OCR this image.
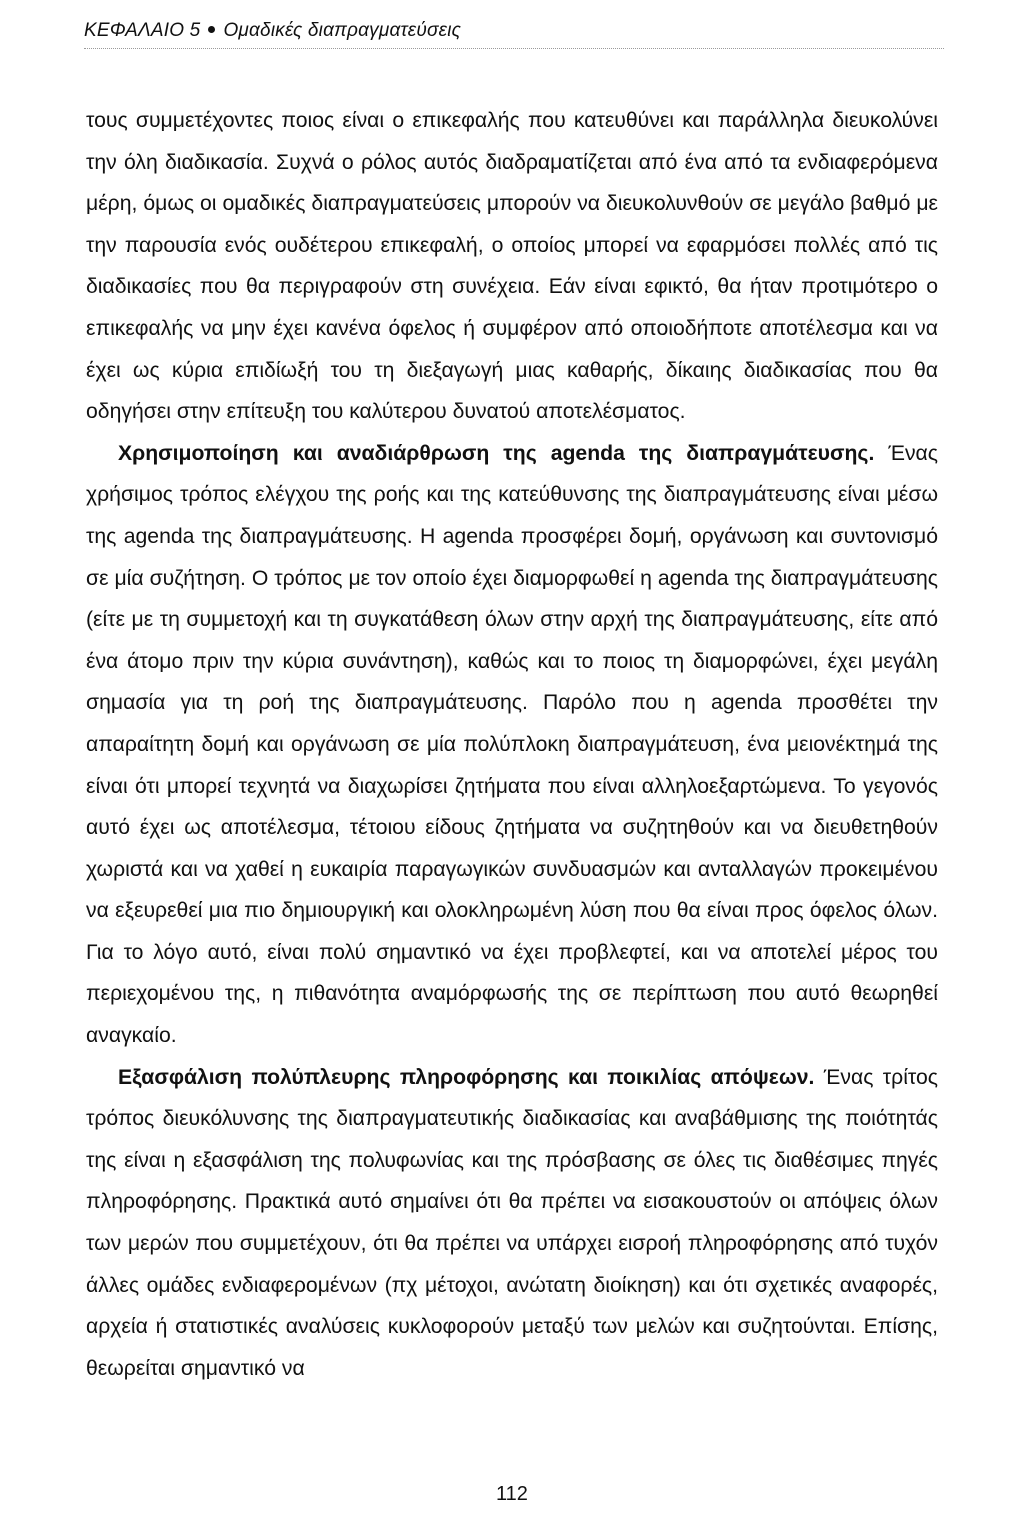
ΚΕΦΑΛΑΙΟ 5 Ομαδικές διαπραγματεύσεις

τους συμμετέχοντες ποιος είναι ο επικεφαλής που κατευθύνει και παράλληλα διευκολύνει την όλη διαδικασία. Συχνά ο ρόλος αυτός διαδραματίζεται από ένα από τα ενδιαφερόμενα μέρη, όμως οι ομαδικές διαπραγματεύσεις μπορούν να διευκολυνθούν σε μεγάλο βαθμό με την παρουσία ενός ουδέτερου επικεφαλή, ο οποίος μπορεί να εφαρμόσει πολλές από τις διαδικασίες που θα περιγραφούν στη συνέχεια. Εάν είναι εφικτό, θα ήταν προτιμότερο ο επικεφαλής να μην έχει κανένα όφελος ή συμφέρον από οποιοδήποτε αποτέλεσμα και να έχει ως κύρια επιδίωξή του τη διεξαγωγή μιας καθαρής, δίκαιης διαδικασίας που θα οδηγήσει στην επίτευξη του καλύτερου δυνατού αποτελέσματος.

Χρησιμοποίηση και αναδιάρθρωση της agenda της διαπραγμάτευσης. Ένας χρήσιμος τρόπος ελέγχου της ροής και της κατεύθυνσης της διαπραγμάτευσης είναι μέσω της agenda της διαπραγμάτευσης. Η agenda προσφέρει δομή, οργάνωση και συντονισμό σε μία συζήτηση. Ο τρόπος με τον οποίο έχει διαμορφωθεί η agenda της διαπραγμάτευσης (είτε με τη συμμετοχή και τη συγκατάθεση όλων στην αρχή της διαπραγμάτευσης, είτε από ένα άτομο πριν την κύρια συνάντηση), καθώς και το ποιος τη διαμορφώνει, έχει μεγάλη σημασία για τη ροή της διαπραγμάτευσης. Παρόλο που η agenda προσθέτει την απαραίτητη δομή και οργάνωση σε μία πολύπλοκη διαπραγμάτευση, ένα μειονέκτημά της είναι ότι μπορεί τεχνητά να διαχωρίσει ζητήματα που είναι αλληλοεξαρτώμενα. Το γεγονός αυτό έχει ως αποτέλεσμα, τέτοιου είδους ζητήματα να συζητηθούν και να διευθετηθούν χωριστά και να χαθεί η ευκαιρία παραγωγικών συνδυασμών και ανταλλαγών προκειμένου να εξευρεθεί μια πιο δημιουργική και ολοκληρωμένη λύση που θα είναι προς όφελος όλων. Για το λόγο αυτό, είναι πολύ σημαντικό να έχει προβλεφτεί, και να αποτελεί μέρος του περιεχομένου της, η πιθανότητα αναμόρφωσής της σε περίπτωση που αυτό θεωρηθεί αναγκαίο.

Εξασφάλιση πολύπλευρης πληροφόρησης και ποικιλίας απόψεων. Ένας τρίτος τρόπος διευκόλυνσης της διαπραγματευτικής διαδικασίας και αναβάθμισης της ποιότητάς της είναι η εξασφάλιση της πολυφωνίας και της πρόσβασης σε όλες τις διαθέσιμες πηγές πληροφόρησης. Πρακτικά αυτό σημαίνει ότι θα πρέπει να εισακουστούν οι απόψεις όλων των μερών που συμμετέχουν, ότι θα πρέπει να υπάρχει εισροή πληροφόρησης από τυχόν άλλες ομάδες ενδιαφερομένων (πχ μέτοχοι, ανώτατη διοίκηση) και ότι σχετικές αναφορές, αρχεία ή στατιστικές αναλύσεις κυκλοφορούν μεταξύ των μελών και συζητούνται. Επίσης, θεωρείται σημαντικό να

112
